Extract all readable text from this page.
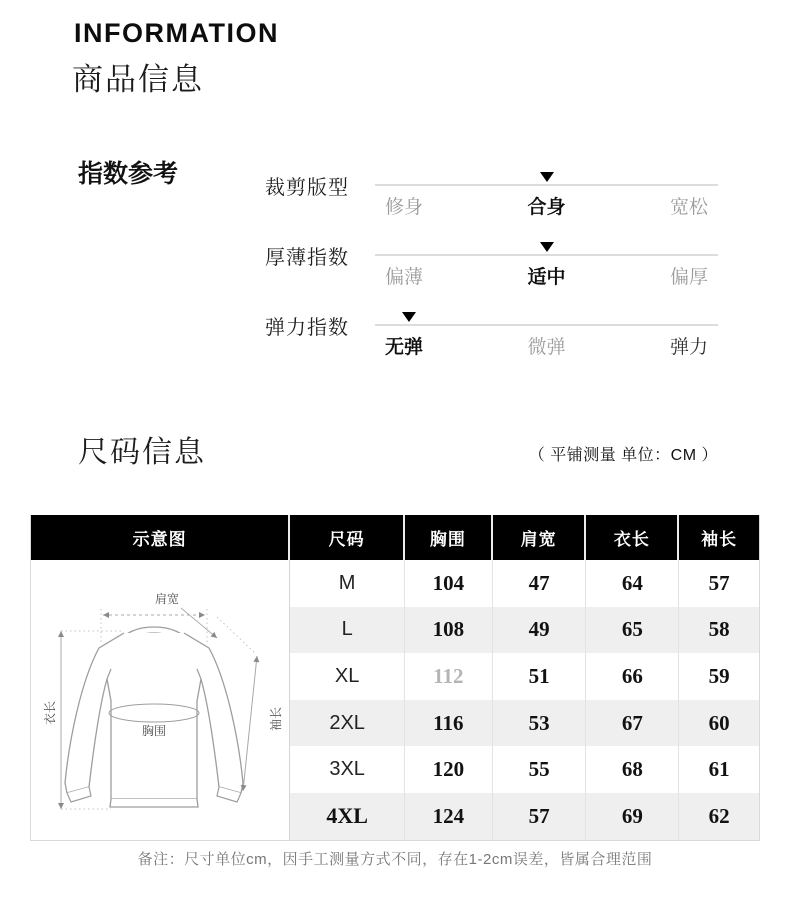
INFORMATION
商品信息
指数参考	裁剪版型
修身	合身	宽松
厚薄指数
偏薄	适中	偏厚
弹力指数
无弹	微弹	弹力
尺码信息	（ 平铺测量 单位：CM ）
示意图	尺码	胸围	肩宽	衣长	袖长
肩宽
胸围
衣长	袖长
M	104	47	64	57
L	108	49	65	58
XL	112	51	66	59
2XL	116	53	67	60
3XL	120	55	68	61
4XL	124	57	69	62
备注：尺寸单位cm，因手工测量方式不同，存在1-2cm误差，皆属合理范围
